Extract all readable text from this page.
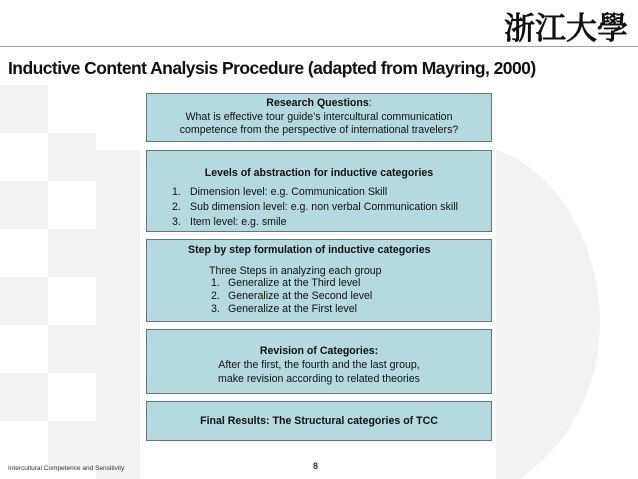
浙江大學
Inductive Content Analysis Procedure (adapted from Mayring, 2000)
Research Questions:
What is effective tour guide’s intercultural communication
competence from the perspective of international travelers?
Levels of abstraction for inductive categories
1. Dimension level: e.g. Communication Skill
2. Sub dimension level: e.g. non verbal Communication skill
3. Item level: e.g. smile
Step by step formulation of inductive categories
Three Steps in analyzing each group
1. Generalize at the Third level
2. Generalize at the Second level
3. Generalize at the First level
Revision of Categories:
After the first, the fourth and the last group,
make revision according to related theories
Final Results: The Structural categories of TCC
Intercultural Competence and Sensitivity	8
